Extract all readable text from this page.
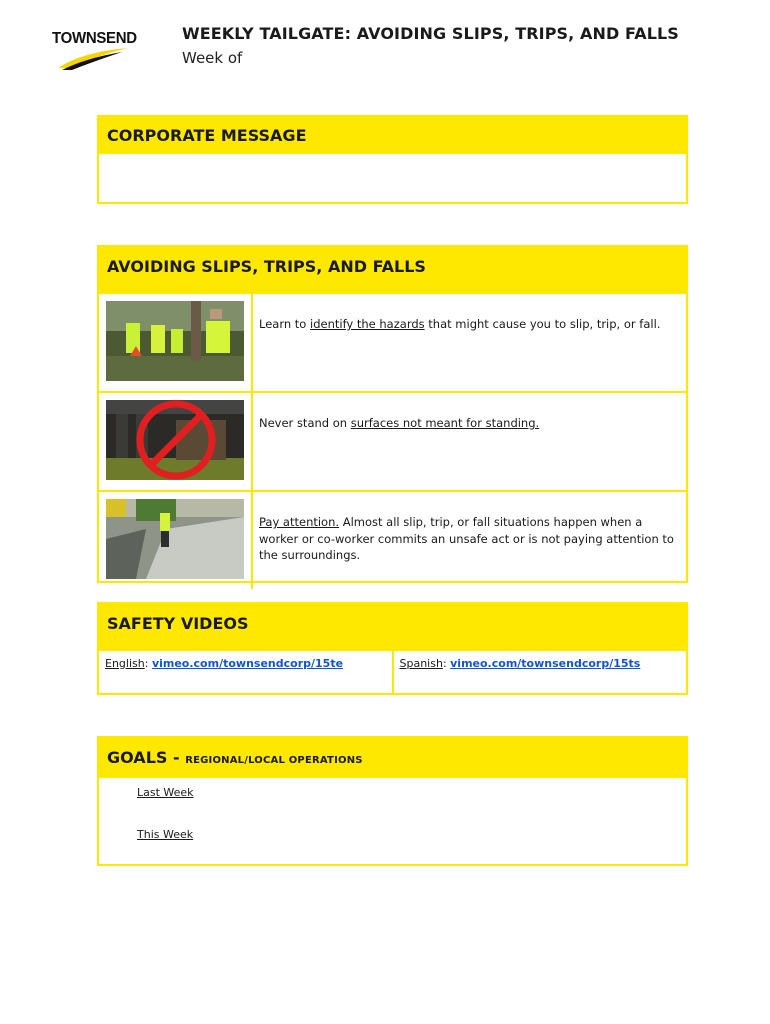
TOWNSEND	WEEKLY TAILGATE: AVOIDING SLIPS, TRIPS, AND FALLS
Week of
CORPORATE MESSAGE
AVOIDING SLIPS, TRIPS, AND FALLS
Learn to identify the hazards that might cause you to slip, trip, or fall.
Never stand on surfaces not meant for standing.
Pay attention. Almost all slip, trip, or fall situations happen when a worker or co-worker commits an unsafe act or is not paying attention to the surroundings.
SAFETY VIDEOS
English: vimeo.com/townsendcorp/15te	Spanish: vimeo.com/townsendcorp/15ts
GOALS - REGIONAL/LOCAL OPERATIONS
Last Week
This Week
